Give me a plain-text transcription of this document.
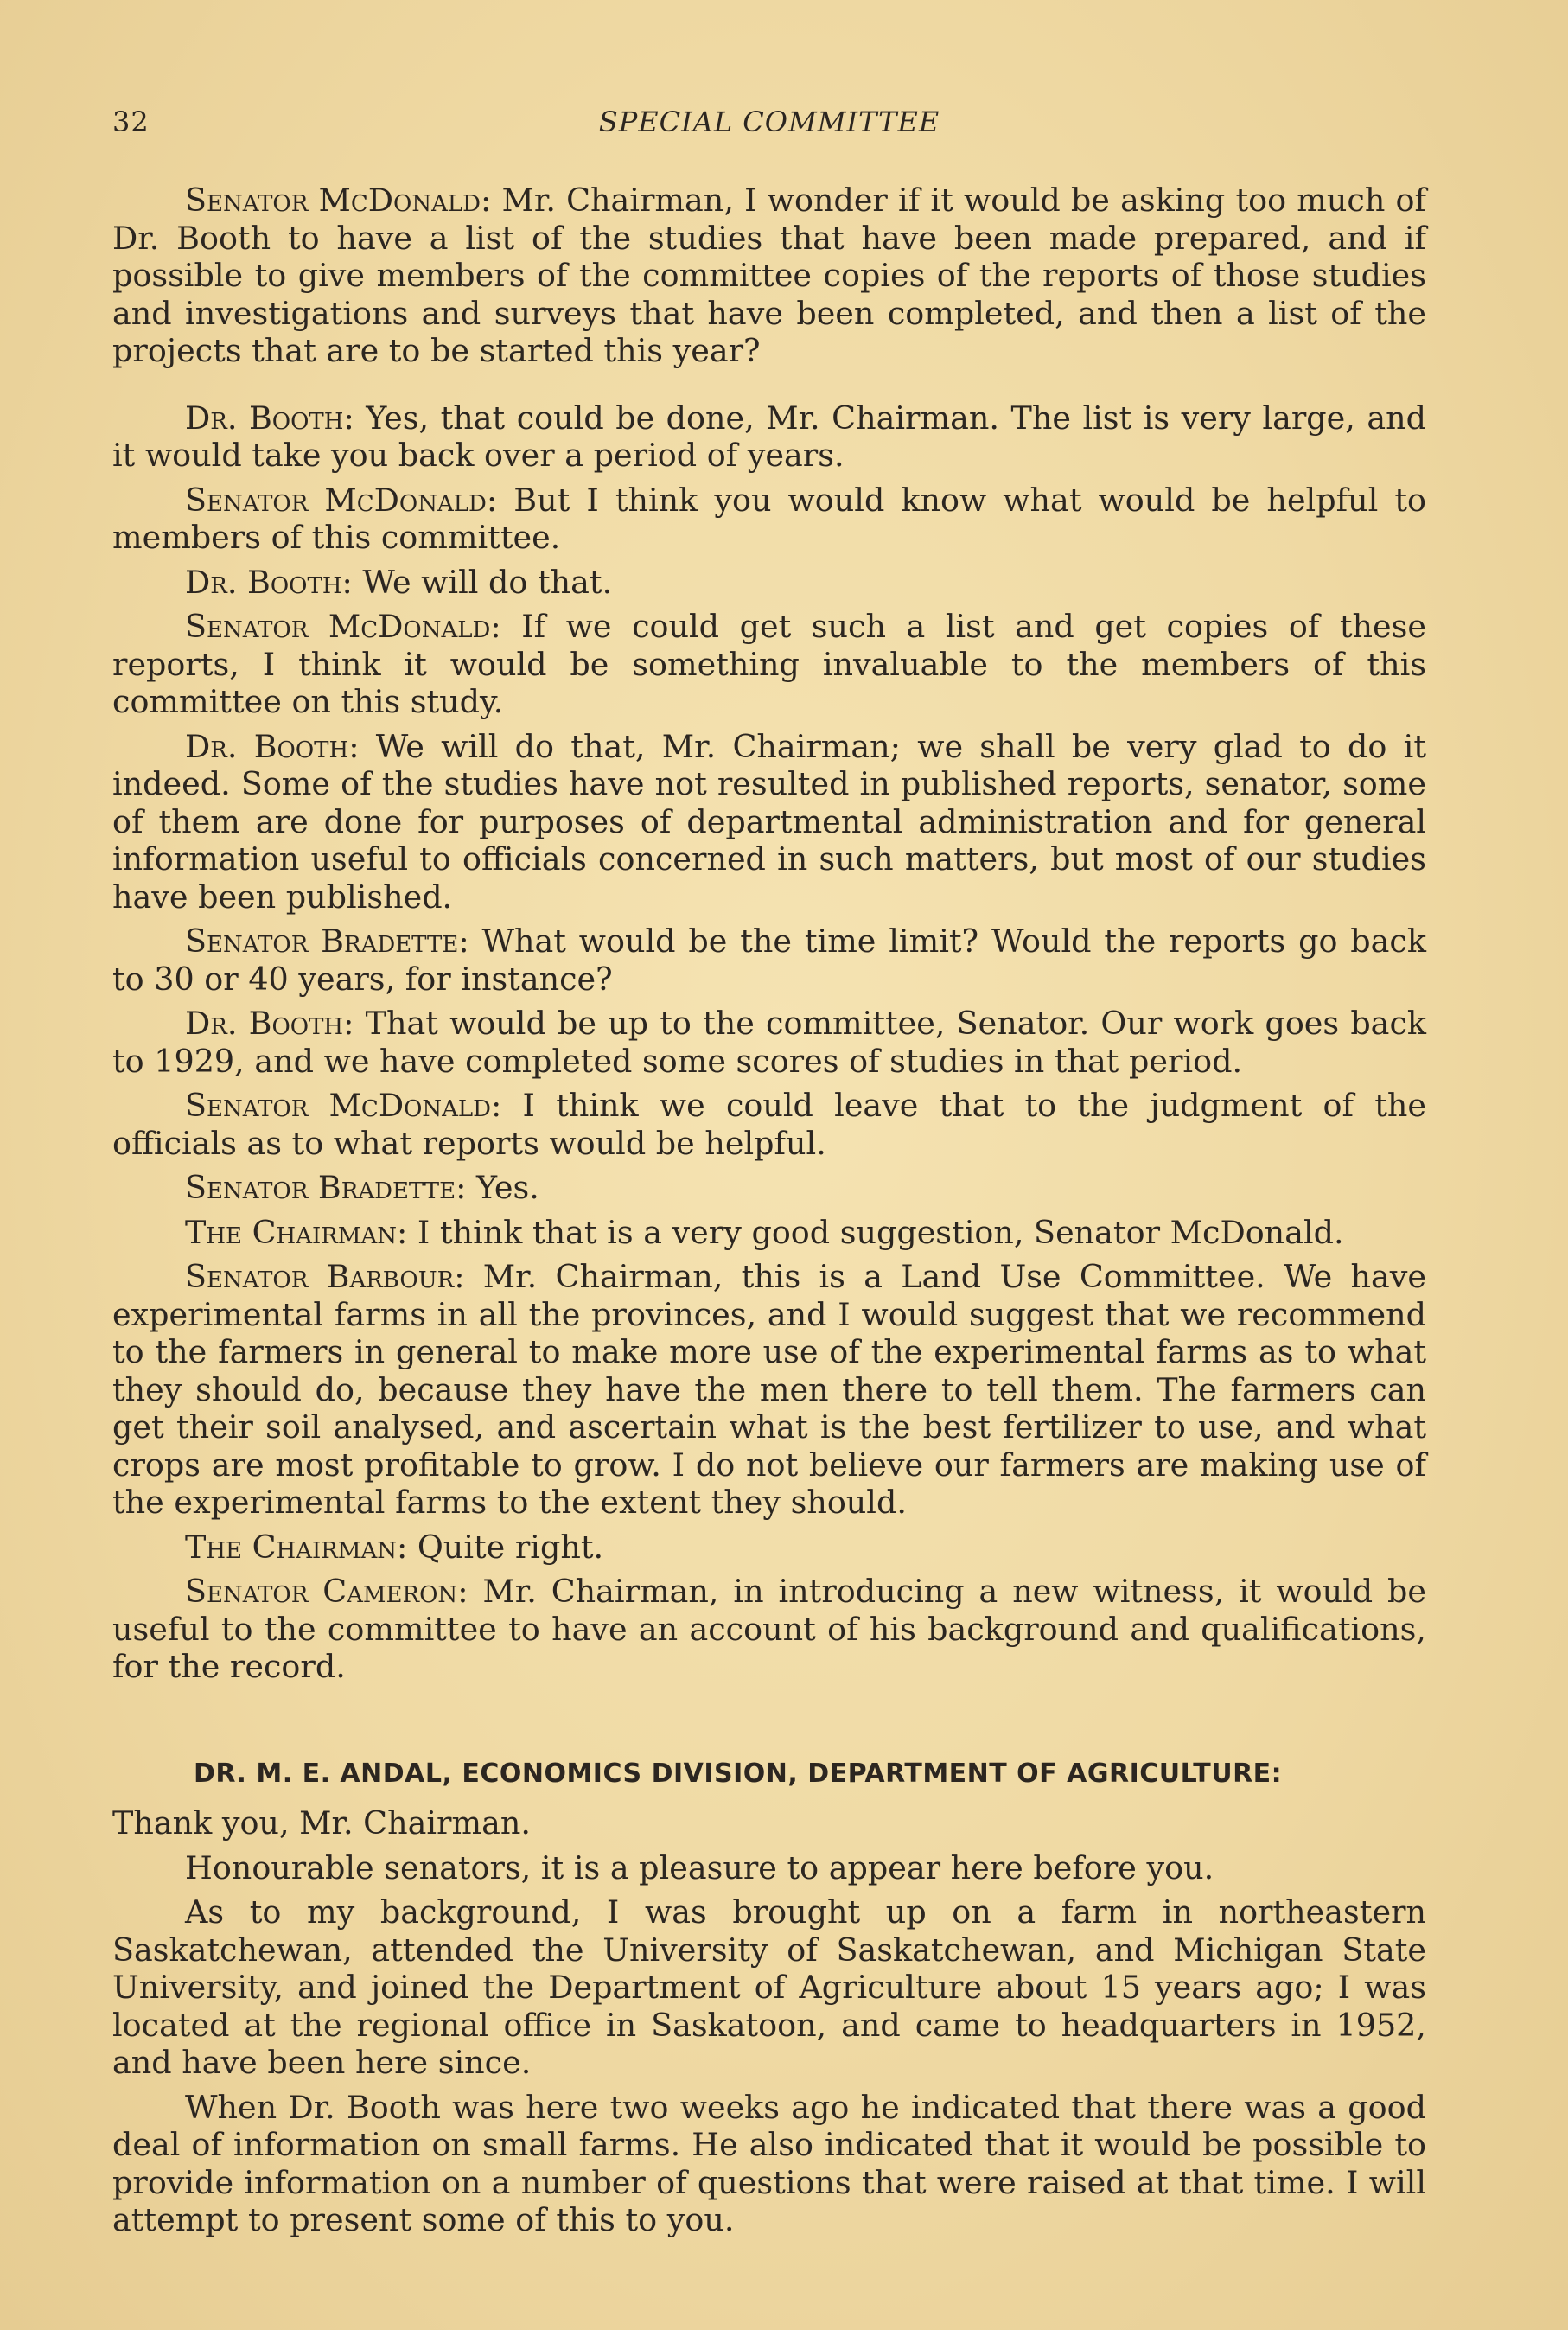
32	SPECIAL COMMITTEE

Senator McDonald: Mr. Chairman, I wonder if it would be asking too much of Dr. Booth to have a list of the studies that have been made prepared, and if possible to give members of the committee copies of the reports of those studies and investigations and surveys that have been completed, and then a list of the projects that are to be started this year?

Dr. Booth: Yes, that could be done, Mr. Chairman. The list is very large, and it would take you back over a period of years.

Senator McDonald: But I think you would know what would be helpful to members of this committee.

Dr. Booth: We will do that.

Senator McDonald: If we could get such a list and get copies of these reports, I think it would be something invaluable to the members of this committee on this study.

Dr. Booth: We will do that, Mr. Chairman; we shall be very glad to do it indeed. Some of the studies have not resulted in published reports, senator, some of them are done for purposes of departmental administration and for general information useful to officials concerned in such matters, but most of our studies have been published.

Senator Bradette: What would be the time limit? Would the reports go back to 30 or 40 years, for instance?

Dr. Booth: That would be up to the committee, Senator. Our work goes back to 1929, and we have completed some scores of studies in that period.

Senator McDonald: I think we could leave that to the judgment of the officials as to what reports would be helpful.

Senator Bradette: Yes.

The Chairman: I think that is a very good suggestion, Senator McDonald.

Senator Barbour: Mr. Chairman, this is a Land Use Committee. We have experimental farms in all the provinces, and I would suggest that we recommend to the farmers in general to make more use of the experimental farms as to what they should do, because they have the men there to tell them. The farmers can get their soil analysed, and ascertain what is the best fertilizer to use, and what crops are most profitable to grow. I do not believe our farmers are making use of the experimental farms to the extent they should.

The Chairman: Quite right.

Senator Cameron: Mr. Chairman, in introducing a new witness, it would be useful to the committee to have an account of his background and qualifications, for the record.

DR. M. E. ANDAL, ECONOMICS DIVISION, DEPARTMENT OF AGRICULTURE:

Thank you, Mr. Chairman.

Honourable senators, it is a pleasure to appear here before you.

As to my background, I was brought up on a farm in northeastern Saskatchewan, attended the University of Saskatchewan, and Michigan State University, and joined the Department of Agriculture about 15 years ago; I was located at the regional office in Saskatoon, and came to headquarters in 1952, and have been here since.

When Dr. Booth was here two weeks ago he indicated that there was a good deal of information on small farms. He also indicated that it would be possible to provide information on a number of questions that were raised at that time. I will attempt to present some of this to you.
